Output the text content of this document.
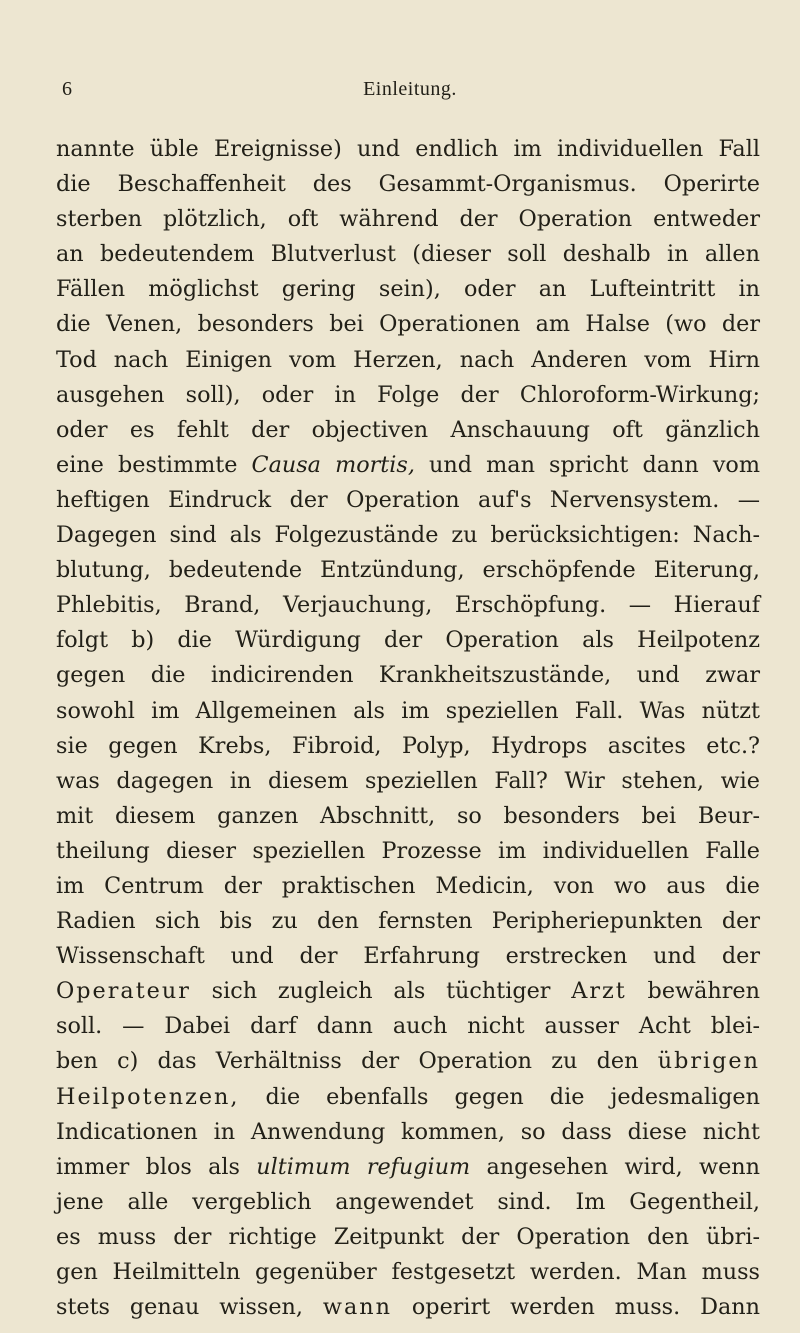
6	Einleitung.
nannte üble Ereignisse) und endlich im individuellen Fall
die Beschaffenheit des Gesammt-Organismus. Operirte
sterben plötzlich, oft während der Operation entweder
an bedeutendem Blutverlust (dieser soll deshalb in allen
Fällen möglichst gering sein), oder an Lufteintritt in
die Venen, besonders bei Operationen am Halse (wo der
Tod nach Einigen vom Herzen, nach Anderen vom Hirn
ausgehen soll), oder in Folge der Chloroform-Wirkung;
oder es fehlt der objectiven Anschauung oft gänzlich
eine bestimmte Causa mortis, und man spricht dann vom
heftigen Eindruck der Operation auf's Nervensystem. —
Dagegen sind als Folgezustände zu berücksichtigen: Nach-
blutung, bedeutende Entzündung, erschöpfende Eiterung,
Phlebitis, Brand, Verjauchung, Erschöpfung. — Hierauf
folgt b) die Würdigung der Operation als Heilpotenz
gegen die indicirenden Krankheitszustände, und zwar
sowohl im Allgemeinen als im speziellen Fall. Was nützt
sie gegen Krebs, Fibroid, Polyp, Hydrops ascites etc.?
was dagegen in diesem speziellen Fall? Wir stehen, wie
mit diesem ganzen Abschnitt, so besonders bei Beur-
theilung dieser speziellen Prozesse im individuellen Falle
im Centrum der praktischen Medicin, von wo aus die
Radien sich bis zu den fernsten Peripheriepunkten der
Wissenschaft und der Erfahrung erstrecken und der
Operateur sich zugleich als tüchtiger Arzt bewähren
soll. — Dabei darf dann auch nicht ausser Acht blei-
ben c) das Verhältniss der Operation zu den übrigen
Heilpotenzen, die ebenfalls gegen die jedesmaligen
Indicationen in Anwendung kommen, so dass diese nicht
immer blos als ultimum refugium angesehen wird, wenn
jene alle vergeblich angewendet sind. Im Gegentheil,
es muss der richtige Zeitpunkt der Operation den übri-
gen Heilmitteln gegenüber festgesetzt werden. Man muss
stets genau wissen, wann operirt werden muss. Dann
